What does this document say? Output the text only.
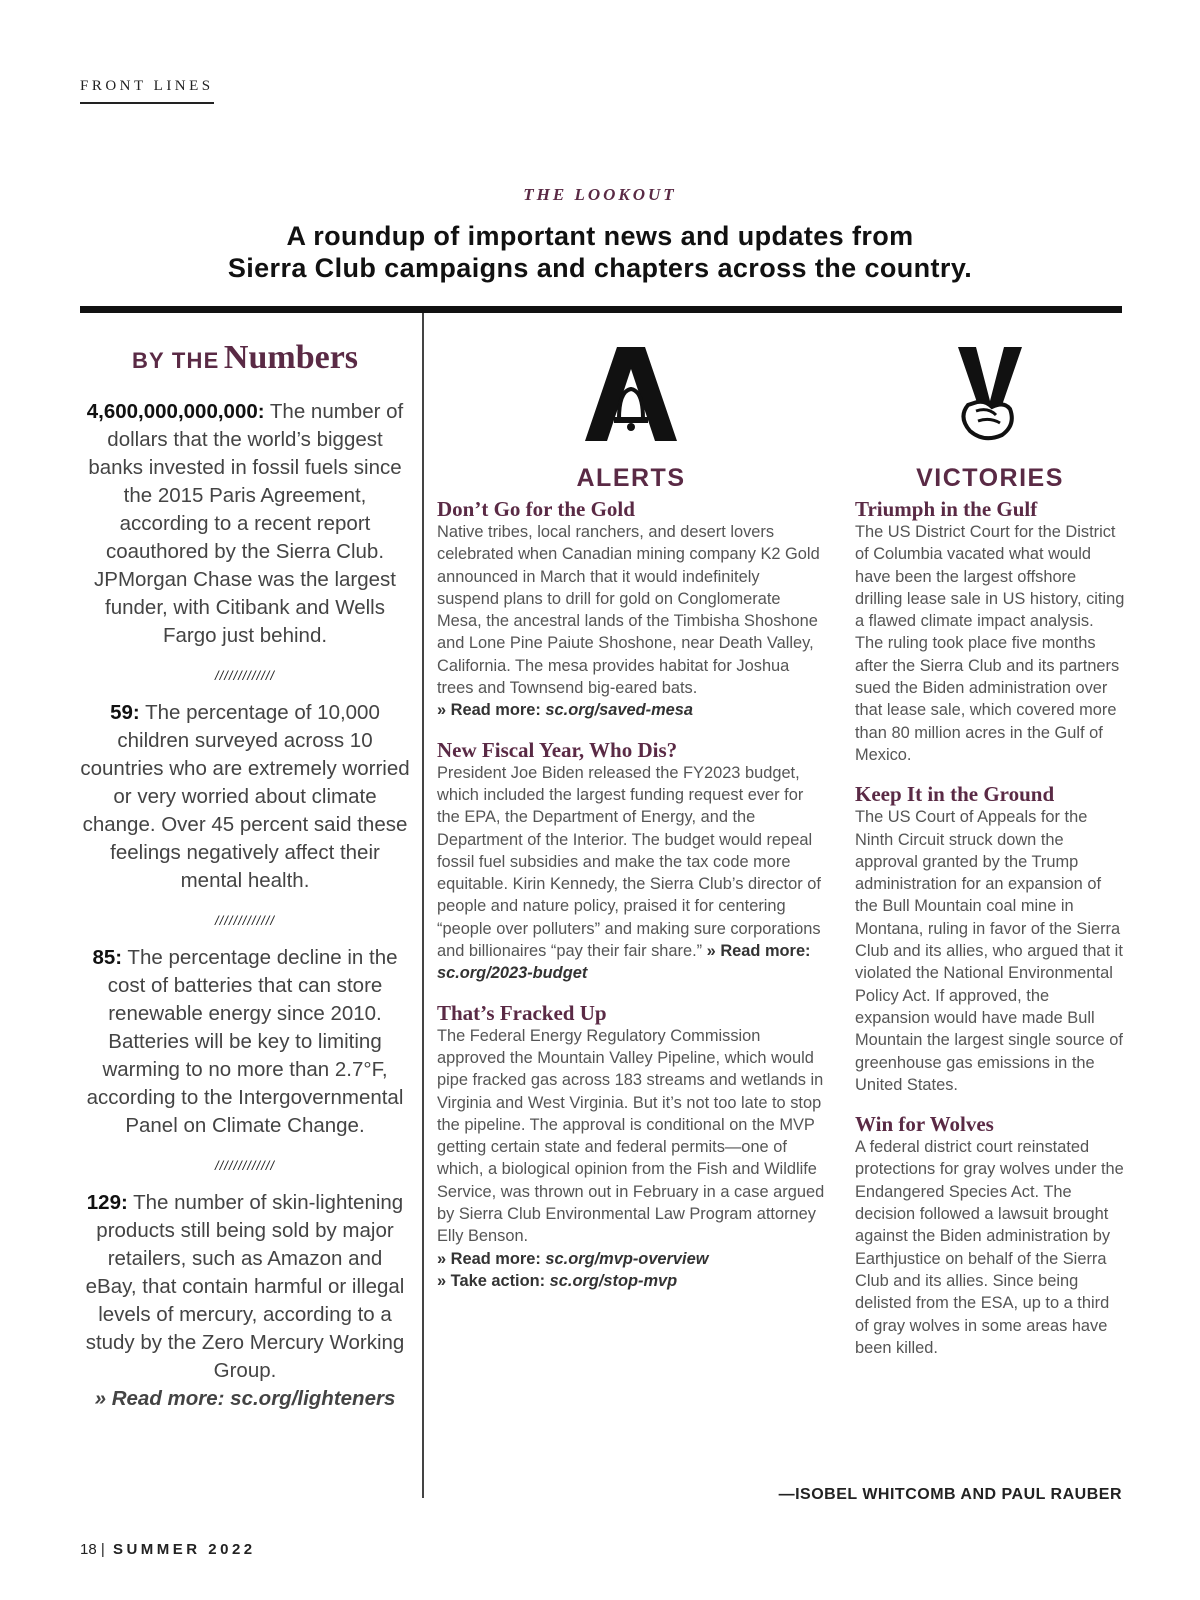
FRONT LINES
THE LOOKOUT
A roundup of important news and updates from
Sierra Club campaigns and chapters across the country.
BY THE Numbers

4,600,000,000,000: The number of dollars that the world’s biggest banks invested in fossil fuels since the 2015 Paris Agreement, according to a recent report coauthored by the Sierra Club. JPMorgan Chase was the largest funder, with Citibank and Wells Fargo just behind.

/////////////

59: The percentage of 10,000 children surveyed across 10 countries who are extremely worried or very worried about climate change. Over 45 percent said these feelings negatively affect their mental health.

/////////////

85: The percentage decline in the cost of batteries that can store renewable energy since 2010. Batteries will be key to limiting warming to no more than 2.7°F, according to the Intergovernmental Panel on Climate Change.

/////////////

129: The number of skin-lightening products still being sold by major retailers, such as Amazon and eBay, that contain harmful or illegal levels of mercury, according to a study by the Zero Mercury Working Group.
» Read more: sc.org/lighteners

ALERTS

Don’t Go for the Gold

Native tribes, local ranchers, and desert lovers celebrated when Canadian mining company K2 Gold announced in March that it would indefinitely suspend plans to drill for gold on Conglomerate Mesa, the ancestral lands of the Timbisha Shoshone and Lone Pine Paiute Shoshone, near Death Valley, California. The mesa provides habitat for Joshua trees and Townsend big-eared bats.
» Read more: sc.org/saved-mesa

New Fiscal Year, Who Dis?

President Joe Biden released the FY2023 budget, which included the largest funding request ever for the EPA, the Department of Energy, and the Department of the Interior. The budget would repeal fossil fuel subsidies and make the tax code more equitable. Kirin Kennedy, the Sierra Club’s director of people and nature policy, praised it for centering “people over polluters” and making sure corporations and billionaires “pay their fair share.” » Read more: sc.org/2023-budget

That’s Fracked Up

The Federal Energy Regulatory Commission approved the Mountain Valley Pipeline, which would pipe fracked gas across 183 streams and wetlands in Virginia and West Virginia. But it’s not too late to stop the pipeline. The approval is conditional on the MVP getting certain state and federal permits—one of which, a biological opinion from the Fish and Wildlife Service, was thrown out in February in a case argued by Sierra Club Environmental Law Program attorney Elly Benson.
» Read more: sc.org/mvp-overview
» Take action: sc.org/stop-mvp

VICTORIES

Triumph in the Gulf

The US District Court for the District of Columbia vacated what would have been the largest offshore drilling lease sale in US history, citing a flawed climate impact analysis. The ruling took place five months after the Sierra Club and its partners sued the Biden administration over that lease sale, which covered more than 80 million acres in the Gulf of Mexico.

Keep It in the Ground

The US Court of Appeals for the Ninth Circuit struck down the approval granted by the Trump administration for an expansion of the Bull Mountain coal mine in Montana, ruling in favor of the Sierra Club and its allies, who argued that it violated the National Environmental Policy Act. If approved, the expansion would have made Bull Mountain the largest single source of greenhouse gas emissions in the United States.

Win for Wolves

A federal district court reinstated protections for gray wolves under the Endangered Species Act. The decision followed a lawsuit brought against the Biden administration by Earthjustice on behalf of the Sierra Club and its allies. Since being delisted from the ESA, up to a third of gray wolves in some areas have been killed.

—ISOBEL WHITCOMB AND PAUL RAUBER
18 | SUMMER 2022
